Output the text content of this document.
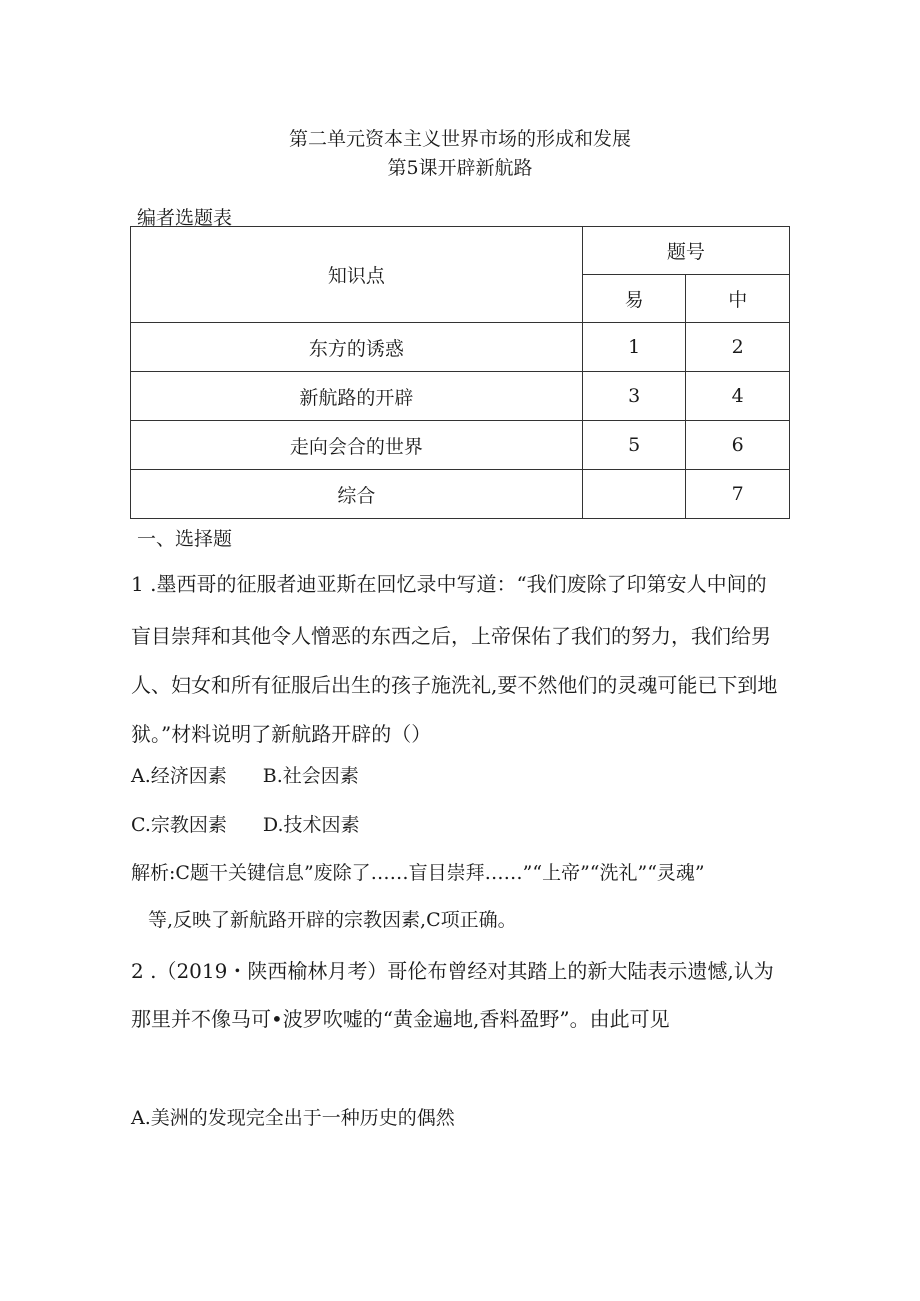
第二单元资本主义世界市场的形成和发展
第5课开辟新航路
编者选题表
知识点	题号	
	易	中
东方的诱惑	1	2
新航路的开辟	3	4
走向会合的世界	5	6
综合		7
一、选择题
1 .墨西哥的征服者迪亚斯在回忆录中写道：“我们废除了印第安人中间的
盲目崇拜和其他令人憎恶的东西之后，上帝保佑了我们的努力，我们给男
人、妇女和所有征服后出生的孩子施洗礼,要不然他们的灵魂可能已下到地
狱。”材料说明了新航路开辟的（）
A.经济因素 B.社会因素
C.宗教因素 D.技术因素
解析:C题干关键信息”废除了……盲目崇拜……”“上帝”“洗礼”“灵魂”
等,反映了新航路开辟的宗教因素,C项正确。
2 .（2019・陕西榆林月考）哥伦布曾经对其踏上的新大陆表示遗憾,认为
那里并不像马可•波罗吹嘘的“黄金遍地,香料盈野”。由此可见
A.美洲的发现完全出于一种历史的偶然
